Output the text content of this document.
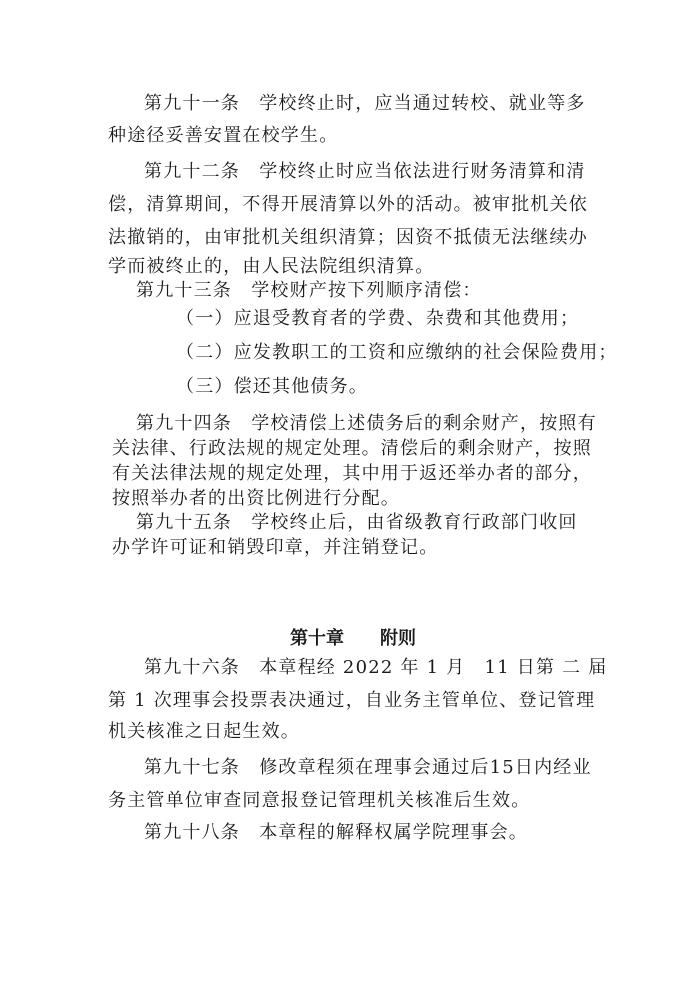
第九十一条　学校终止时，应当通过转校、就业等多
种途径妥善安置在校学生。
第九十二条　学校终止时应当依法进行财务清算和清
偿，清算期间，不得开展清算以外的活动。被审批机关依
法撤销的，由审批机关组织清算；因资不抵债无法继续办
学而被终止的，由人民法院组织清算。
第九十三条　学校财产按下列顺序清偿：
（一）应退受教育者的学费、杂费和其他费用；
（二）应发教职工的工资和应缴纳的社会保险费用；
（三）偿还其他债务。
第九十四条　学校清偿上述债务后的剩余财产，按照有
关法律、行政法规的规定处理。清偿后的剩余财产，按照
有关法律法规的规定处理，其中用于返还举办者的部分，
按照举办者的出资比例进行分配。
第九十五条　学校终止后，由省级教育行政部门收回
办学许可证和销毁印章，并注销登记。
第十章　　附则
第九十六条　本章程经 2022 年 1 月　11 日第 二 届
第 1 次理事会投票表决通过，自业务主管单位、登记管理
机关核准之日起生效。
第九十七条　修改章程须在理事会通过后15日内经业
务主管单位审查同意报登记管理机关核准后生效。
第九十八条　本章程的解释权属学院理事会。
